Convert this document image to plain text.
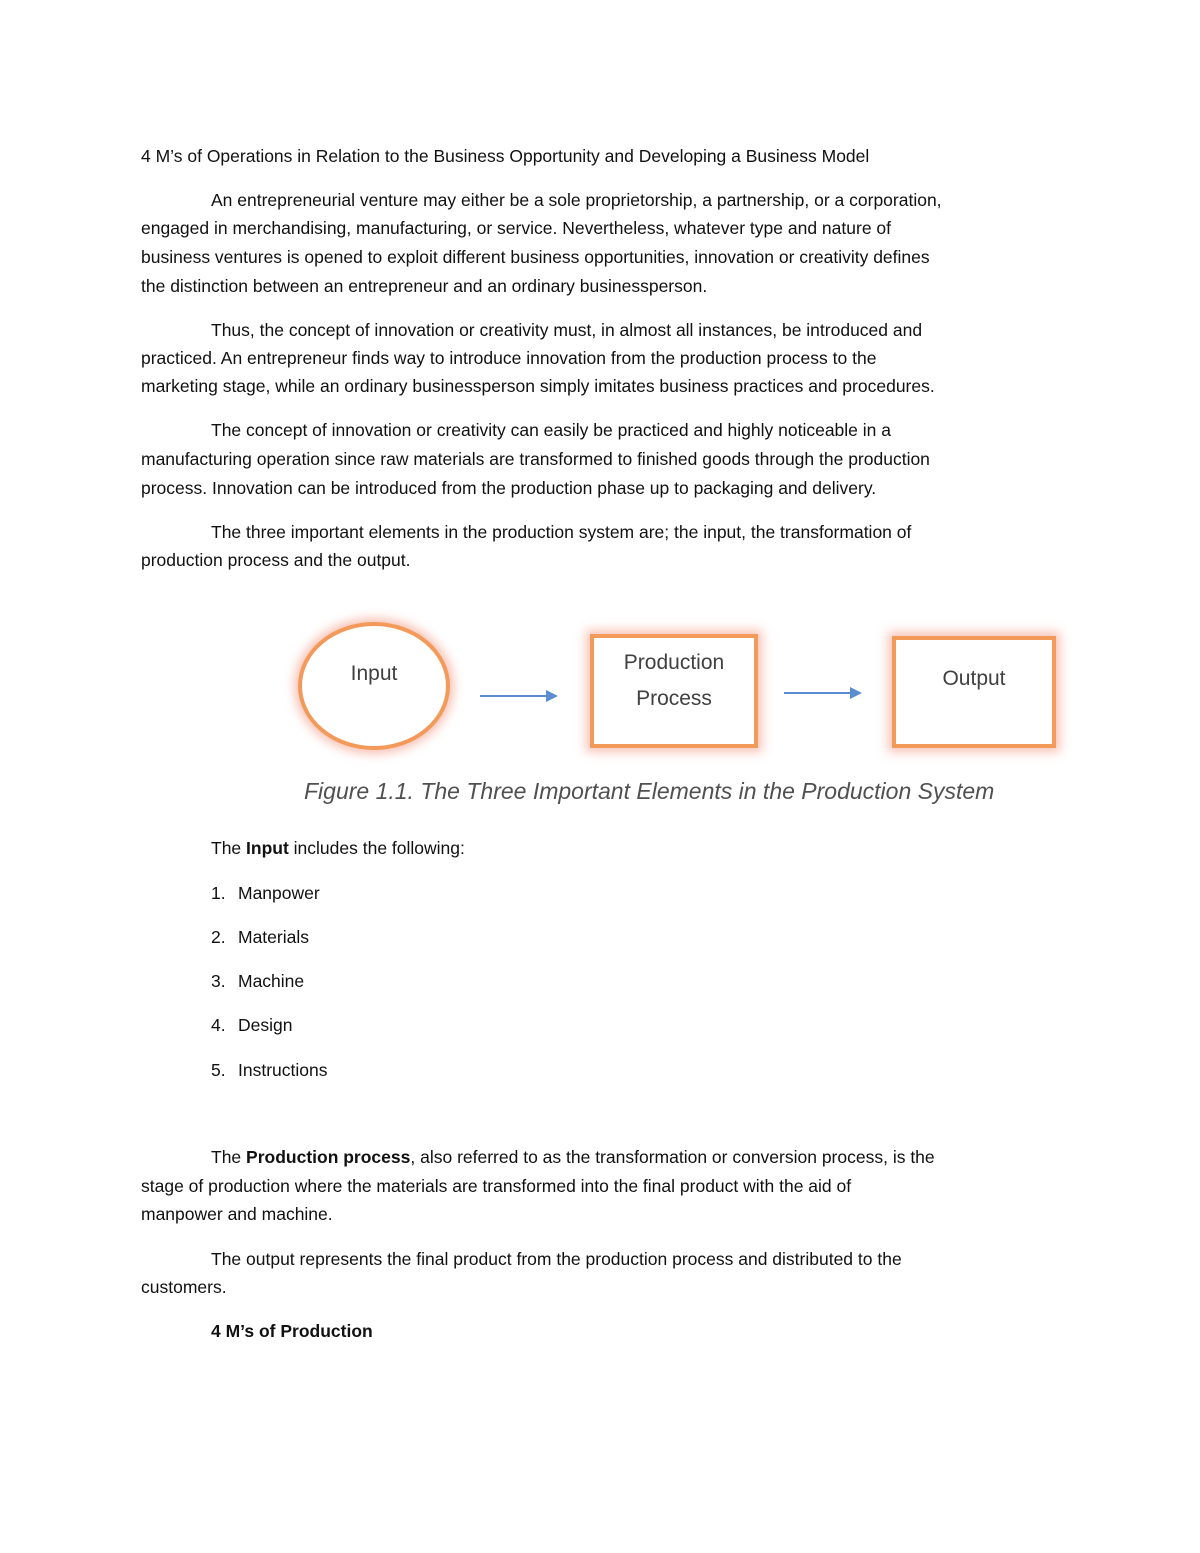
4 M’s of Operations in Relation to the Business Opportunity and Developing a Business Model
An entrepreneurial venture may either be a sole proprietorship, a partnership, or a corporation,
engaged in merchandising, manufacturing, or service. Nevertheless, whatever type and nature of
business ventures is opened to exploit different business opportunities, innovation or creativity defines
the distinction between an entrepreneur and an ordinary businessperson.
Thus, the concept of innovation or creativity must, in almost all instances, be introduced and
practiced. An entrepreneur finds way to introduce innovation from the production process to the
marketing stage, while an ordinary businessperson simply imitates business practices and procedures.
The concept of innovation or creativity can easily be practiced and highly noticeable in a
manufacturing operation since raw materials are transformed to finished goods through the production
process. Innovation can be introduced from the production phase up to packaging and delivery.
The three important elements in the production system are; the input, the transformation of
production process and the output.
Input	Production
Process
Output
Figure 1.1. The Three Important Elements in the Production System
The Input includes the following:
1. Manpower
2. Materials
3. Machine
4. Design
5. Instructions
The Production process, also referred to as the transformation or conversion process, is the
stage of production where the materials are transformed into the final product with the aid of
manpower and machine.
The output represents the final product from the production process and distributed to the
customers.
4 M’s of Production
